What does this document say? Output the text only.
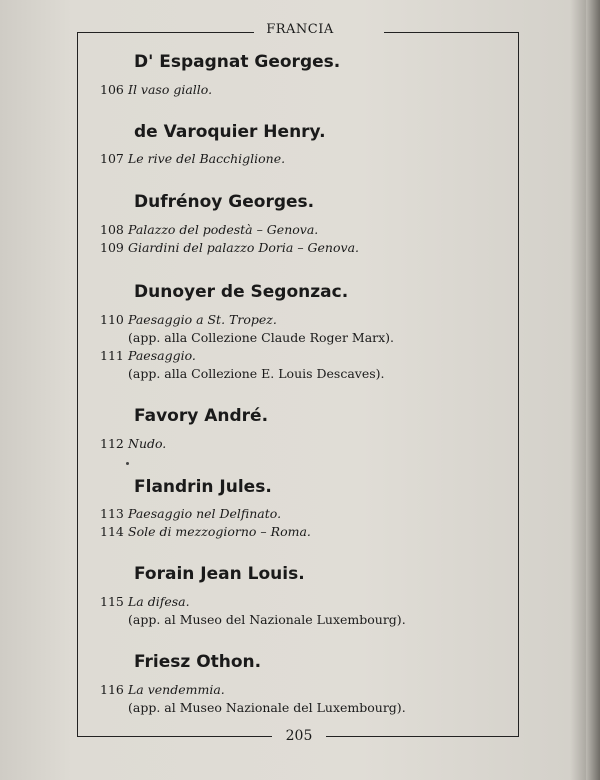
FRANCIA
205
D' Espagnat Georges.
106 Il vaso giallo.
de Varoquier Henry.
107 Le rive del Bacchiglione.
Dufrénoy Georges.
108 Palazzo del podestà – Genova.
109 Giardini del palazzo Doria – Genova.
Dunoyer de Segonzac.
110 Paesaggio a St. Tropez.
(app. alla Collezione Claude Roger Marx).
111 Paesaggio.
(app. alla Collezione E. Louis Descaves).
Favory André.
112 Nudo.
Flandrin Jules.
113 Paesaggio nel Delfinato.
114 Sole di mezzogiorno – Roma.
Forain Jean Louis.
115 La difesa.
(app. al Museo del Nazionale Luxembourg).
Friesz Othon.
116 La vendemmia.
(app. al Museo Nazionale del Luxembourg).
